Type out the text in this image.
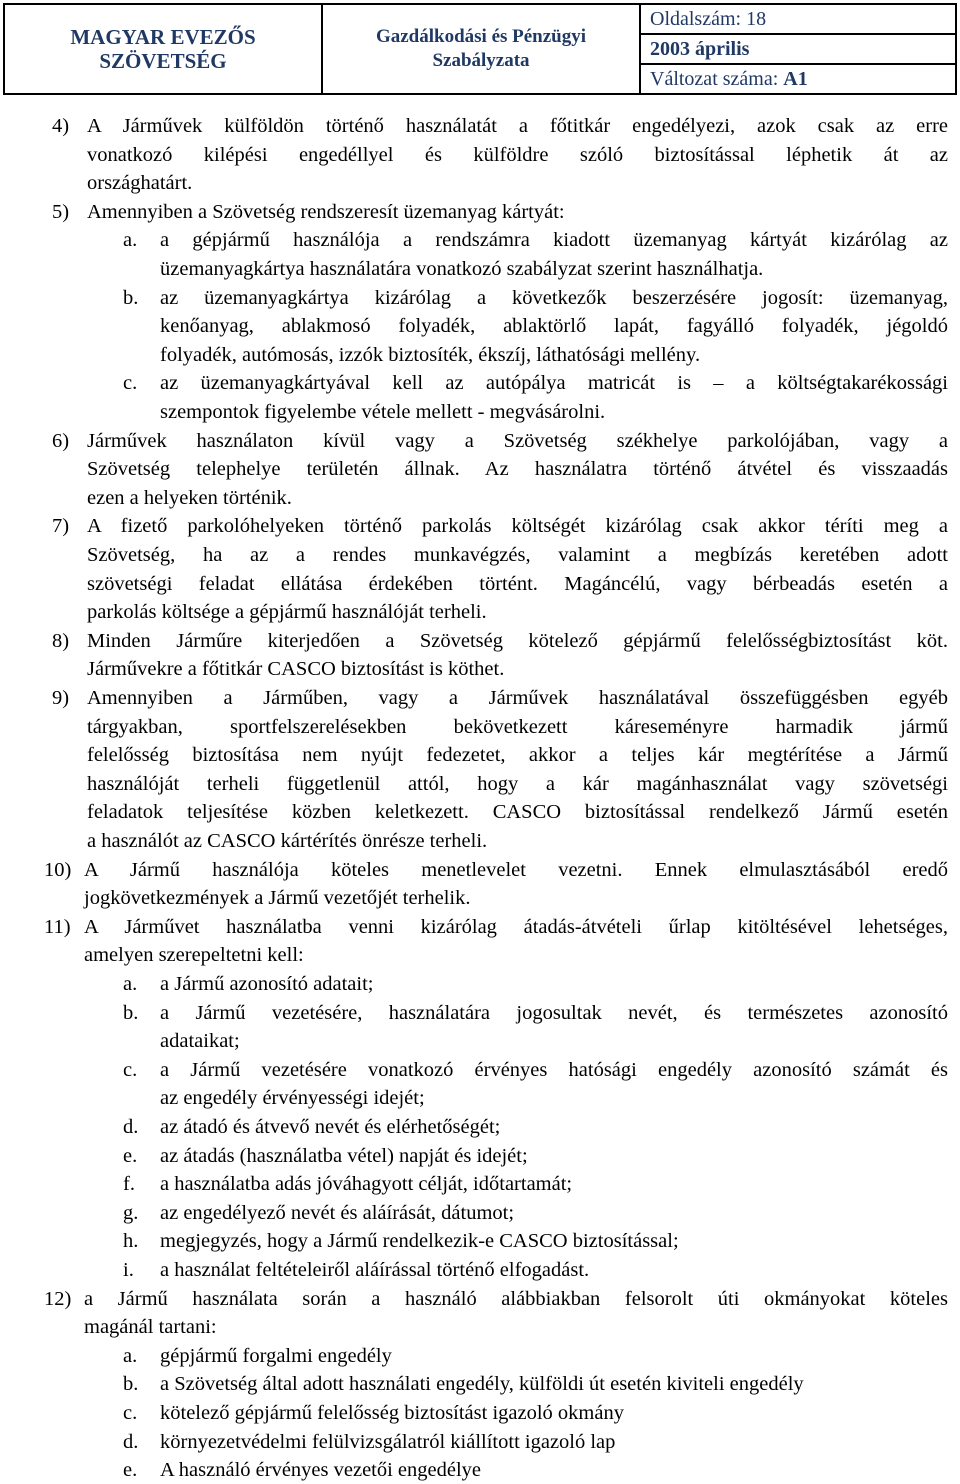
MAGYAR EVEZŐS
SZÖVETSÉG

Gazdálkodási és Pénzügyi
Szabályzata

Oldalszám: 18
2003 április
Változat száma: A1
4) A Járművek külföldön történő használatát a főtitkár engedélyezi, azok csak az erre
vonatkozó kilépési engedéllyel és külföldre szóló biztosítással léphetik át az
országhatárt.
5) Amennyiben a Szövetség rendszeresít üzemanyag kártyát:
a. a gépjármű használója a rendszámra kiadott üzemanyag kártyát kizárólag az
üzemanyagkártya használatára vonatkozó szabályzat szerint használhatja.
b. az üzemanyagkártya kizárólag a következők beszerzésére jogosít: üzemanyag,
kenőanyag, ablakmosó folyadék, ablaktörlő lapát, fagyálló folyadék, jégoldó
folyadék, autómosás, izzók biztosíték, ékszíj, láthatósági mellény.
c. az üzemanyagkártyával kell az autópálya matricát is – a költségtakarékossági
szempontok figyelembe vétele mellett - megvásárolni.
6) Járművek használaton kívül vagy a Szövetség székhelye parkolójában, vagy a
Szövetség telephelye területén állnak. Az használatra történő átvétel és visszaadás
ezen a helyeken történik.
7) A fizető parkolóhelyeken történő parkolás költségét kizárólag csak akkor téríti meg a
Szövetség, ha az a rendes munkavégzés, valamint a megbízás keretében adott
szövetségi feladat ellátása érdekében történt. Magáncélú, vagy bérbeadás esetén a
parkolás költsége a gépjármű használóját terheli.
8) Minden Járműre kiterjedően a Szövetség kötelező gépjármű felelősségbiztosítást köt.
Járművekre a főtitkár CASCO biztosítást is köthet.
9) Amennyiben a Járműben, vagy a Járművek használatával összefüggésben egyéb
tárgyakban, sportfelszerelésekben bekövetkezett káreseményre harmadik jármű
felelősség biztosítása nem nyújt fedezetet, akkor a teljes kár megtérítése a Jármű
használóját terheli függetlenül attól, hogy a kár magánhasználat vagy szövetségi
feladatok teljesítése közben keletkezett. CASCO biztosítással rendelkező Jármű esetén
a használót az CASCO kártérítés önrésze terheli.
10) A Jármű használója köteles menetlevelet vezetni. Ennek elmulasztásából eredő
jogkövetkezmények a Jármű vezetőjét terhelik.
11) A Járművet használatba venni kizárólag átadás-átvételi űrlap kitöltésével lehetséges,
amelyen szerepeltetni kell:
a. a Jármű azonosító adatait;
b. a Jármű vezetésére, használatára jogosultak nevét, és természetes azonosító
adataikat;
c. a Jármű vezetésére vonatkozó érvényes hatósági engedély azonosító számát és
az engedély érvényességi idejét;
d. az átadó és átvevő nevét és elérhetőségét;
e. az átadás (használatba vétel) napját és idejét;
f. a használatba adás jóváhagyott célját, időtartamát;
g. az engedélyező nevét és aláírását, dátumot;
h. megjegyzés, hogy a Jármű rendelkezik-e CASCO biztosítással;
i. a használat feltételeiről aláírással történő elfogadást.
12) a Jármű használata során a használó alábbiakban felsorolt úti okmányokat köteles
magánál tartani:
a. gépjármű forgalmi engedély
b. a Szövetség által adott használati engedély, külföldi út esetén kiviteli engedély
c. kötelező gépjármű felelősség biztosítást igazoló okmány
d. környezetvédelmi felülvizsgálatról kiállított igazoló lap
e. A használó érvényes vezetői engedélye
